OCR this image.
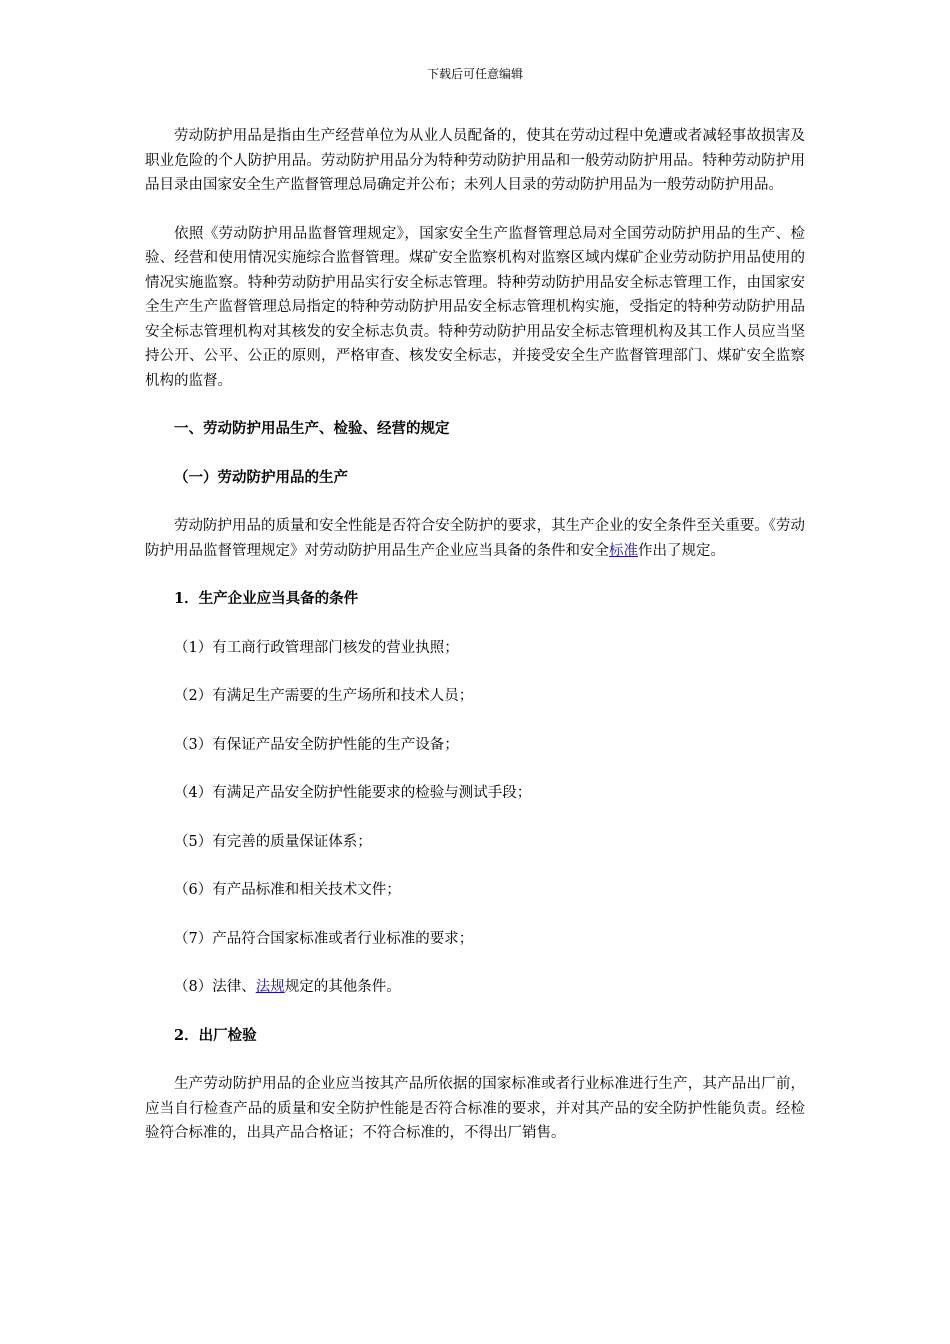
下载后可任意编辑

劳动防护用品是指由生产经营单位为从业人员配备的，使其在劳动过程中免遭或者减轻事故损害及职业危险的个人防护用品。劳动防护用品分为特种劳动防护用品和一般劳动防护用品。特种劳动防护用品目录由国家安全生产监督管理总局确定并公布；未列人目录的劳动防护用品为一般劳动防护用品。

依照《劳动防护用品监督管理规定》，国家安全生产监督管理总局对全国劳动防护用品的生产、检验、经营和使用情况实施综合监督管理。煤矿安全监察机构对监察区域内煤矿企业劳动防护用品使用的情况实施监察。特种劳动防护用品实行安全标志管理。特种劳动防护用品安全标志管理工作，由国家安全生产生产监督管理总局指定的特种劳动防护用品安全标志管理机构实施，受指定的特种劳动防护用品安全标志管理机构对其核发的安全标志负责。特种劳动防护用品安全标志管理机构及其工作人员应当坚持公开、公平、公正的原则，严格审查、核发安全标志，并接受安全生产监督管理部门、煤矿安全监察机构的监督。

一、劳动防护用品生产、检验、经营的规定

（一）劳动防护用品的生产

劳动防护用品的质量和安全性能是否符合安全防护的要求，其生产企业的安全条件至关重要。《劳动防护用品监督管理规定》对劳动防护用品生产企业应当具备的条件和安全标准作出了规定。

1．生产企业应当具备的条件

（1）有工商行政管理部门核发的营业执照；

（2）有满足生产需要的生产场所和技术人员；

（3）有保证产品安全防护性能的生产设备；

（4）有满足产品安全防护性能要求的检验与测试手段；

（5）有完善的质量保证体系；

（6）有产品标准和相关技术文件；

（7）产品符合国家标准或者行业标准的要求；

（8）法律、法规规定的其他条件。

2．出厂检验

生产劳动防护用品的企业应当按其产品所依据的国家标准或者行业标准进行生产，其产品出厂前，应当自行检查产品的质量和安全防护性能是否符合标准的要求，并对其产品的安全防护性能负责。经检验符合标准的，出具产品合格证；不符合标准的，不得出厂销售。
